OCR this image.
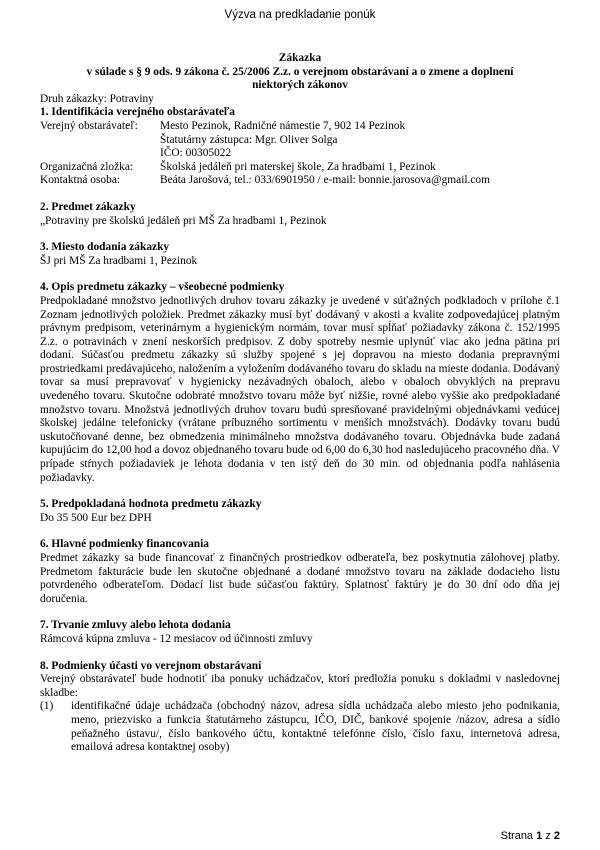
Výzva na predkladanie ponúk
Zákazka
v súlade s § 9 ods. 9 zákona č. 25/2006 Z.z. o verejnom obstarávaní a o zmene a doplnení niektorých zákonov
Druh zákazky: Potraviny
1. Identifikácia verejného obstarávateľa
Verejný obstarávateľ:	Mesto Pezinok, Radničné námestie 7, 902 14 Pezinok
Štatutárny zástupca: Mgr. Oliver Solga
IČO: 00305022
Organizačná zložka:	Školská jedáleň pri materskej škole, Za hradbami 1, Pezinok
Kontaktná osoba:	Beáta Jarošová, tel.: 033/6901950 / e-mail: bonnie.jarosova@gmail.com
2. Predmet zákazky
„Potraviny pre školskú jedáleň pri MŠ Za hradbami 1, Pezinok
3. Miesto dodania zákazky
ŠJ pri MŠ Za hradbami 1, Pezinok
4. Opis predmetu zákazky – všeobecné podmienky
Predpokladané množstvo jednotlivých druhov tovaru zákazky je uvedené v súťažných podkladoch v prílohe č.1 Zoznam jednotlivých položiek. Predmet zákazky musí byť dodávaný v akosti a kvalite zodpovedajúcej platným právnym predpisom, veterinárnym a hygienickým normám, tovar musí spĺňať požiadavky zákona č. 152/1995 Z.z. o potravinách v znení neskorších predpisov. Z doby spotreby nesmie uplynúť viac ako jedna pätina pri dodaní. Súčasťou predmetu zákazky sú služby spojené s jej dopravou na miesto dodania prepravnými prostriedkami predávajúceho, naložením a vyložením dodávaného tovaru do skladu na mieste dodania. Dodávaný tovar sa musí prepravovať v hygienicky nezávadných obaloch, alebo v obaloch obvyklých na prepravu uvedeného tovaru. Skutočne odobraté množstvo tovaru môže byť nižšie, rovné alebo vyššie ako predpokladané množstvo tovaru. Množstvá jednotlivých druhov tovaru budú spresňované pravidelnými objednávkami vedúcej školskej jedálne telefonicky (vrátane príbuzného sortimentu v menších množstvách). Dodávky tovaru budú uskutočňované denne, bez obmedzenia minimálneho množstva dodávaného tovaru. Objednávka bude zadaná kupujúcim do 12,00 hod a dovoz objednaného tovaru bude od 6,00 do 6,30 hod nasledujúceho pracovného dňa. V prípade stŕnych požiadaviek je lehota dodania v ten istý deň do 30 min. od objednania podľa nahlásenia požiadavky.
5. Predpokladaná hodnota predmetu zákazky
Do 35 500 Eur bez DPH
6. Hlavné podmienky financovania
Predmet zákazky sa bude financovať z finančných prostriedkov odberateľa, bez poskytnutia zálohovej platby. Predmetom fakturácie bude len skutočne objednané a dodané množstvo tovaru na základe dodacieho listu potvrdeného odberateľom. Dodací list bude súčasťou faktúry. Splatnosť faktúry je do 30 dní odo dňa jej doručenia.
7. Trvanie zmluvy alebo lehota dodania
Rámcová kúpna zmluva - 12 mesiacov od účinnosti zmluvy
8. Podmienky účasti vo verejnom obstarávaní
Verejný obstarávateľ bude hodnotiť iba ponuky uchádzačov, ktorí predložia ponuku s dokladmi v nasledovnej skladbe:
(1)	identifikačné údaje uchádzača (obchodný názov, adresa sídla uchádzača alebo miesto jeho podnikania, meno, priezvisko a funkcia štatutárneho zástupcu, IČO, DIČ, bankové spojenie /názov, adresa a sídlo peňažného ústavu/, číslo bankového účtu, kontaktné telefónne číslo, číslo faxu, internetová adresa, emailová adresa kontaktnej osoby)
Strana 1 z 2
